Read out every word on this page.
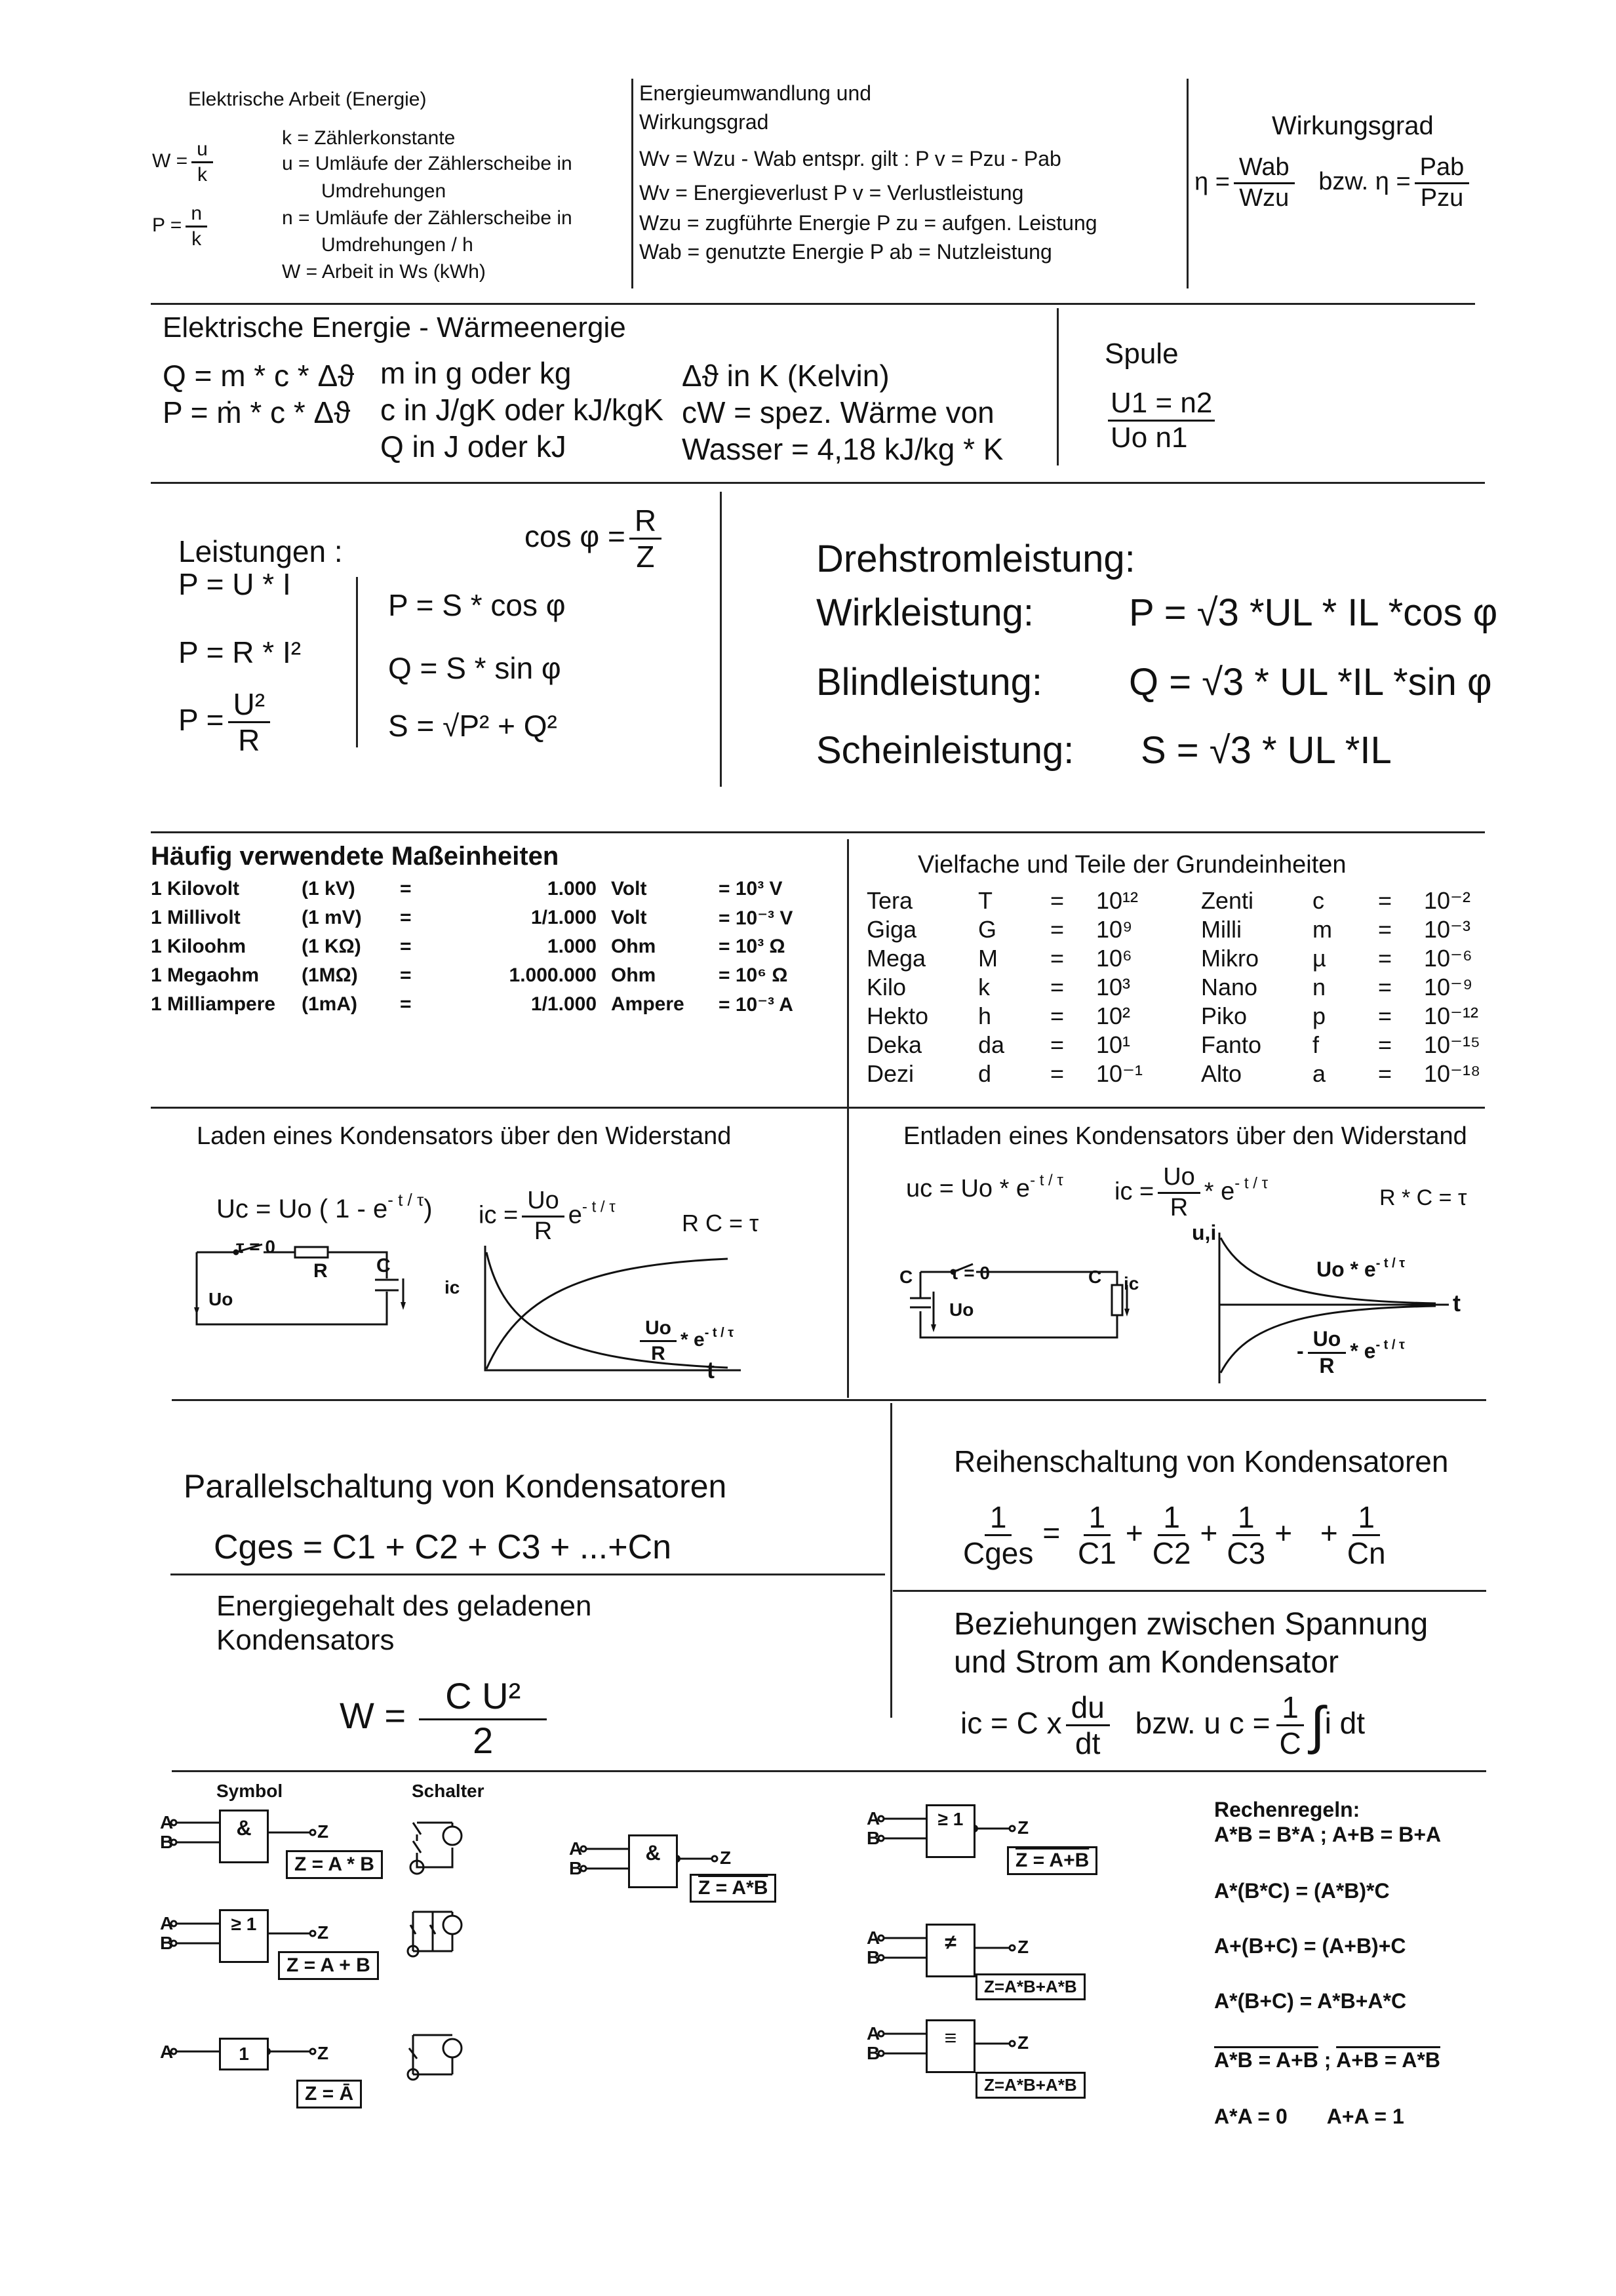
Elektrische Arbeit (Energie)
k = Zählerkonstante
u = Umläufe der Zählerscheibe in
Umdrehungen
n = Umläufe der Zählerscheibe in
Umdrehungen / h
W = Arbeit in Ws (kWh)
$W = \frac{u}{k}$
$P = \frac{n}{k}$
Energieumwandlung und
Wirkungsgrad
Wv = Wzu - Wab entspr. gilt : P v = Pzu - Pab
Wv = Energieverlust P v = Verlustleistung
Wzu = zugführte Energie P zu = aufgen. Leistung
Wab = genutzte Energie P ab = Nutzleistung
Wirkungsgrad
$\eta = \frac{\text{Wab}}{\text{Wzu}}$ bzw. $\eta = \frac{\text{Pab}}{\text{Pzu}}$
Elektrische Energie - Wärmeenergie
Q = m * c * Δϑ
P = ṁ * c * Δϑ
m in g oder kg
c in J/gK oder kJ/kgK
Q in J oder kJ
Δϑ in K (Kelvin)
cW = spez. Wärme von
Wasser = 4,18 kJ/kg * K
Spule
U1 = n2
Uo n1
Leistungen :
P = U * I
P = R * I²
$P = \frac{\text{U²}}{R}$
P = S * cos φ
Q = S * sin φ
S = √P² + Q²
$\cos \varphi = \frac{R}{Z}$	Drehstromleistung:
Wirkleistung:
Blindleistung:
Scheinleistung:
P = √3 *UL * IL *cos φ
Q = √3 * UL *IL *sin φ
S = √3 * UL *IL
Häufig verwendete Maßeinheiten
1 Kilovolt	(1 kV)	=	1.000	Volt	= 10³ V
1 Millivolt	(1 mV)	=	1/1.000	Volt	= 10⁻³ V
1 Kiloohm	(1 KΩ)	=	1.000	Ohm	= 10³ Ω
1 Megaohm	(1MΩ)	=	1.000.000	Ohm	= 10⁶ Ω
1 Milliampere	(1mA)	=	1/1.000	Ampere	= 10⁻³ A
Vielfache und Teile der Grundeinheiten
Tera	T	=	10¹²	Zenti	c	=	10⁻²
Giga	G	=	10⁹	Milli	m	=	10⁻³
Mega	M	=	10⁶	Mikro	µ	=	10⁻⁶
Kilo	k	=	10³	Nano	n	=	10⁻⁹
Hekto	h	=	10²	Piko	p	=	10⁻¹²
Deka	da	=	10¹	Fanto	f	=	10⁻¹⁵
Dezi	d	=	10⁻¹	Alto	a	=	10⁻¹⁸
Laden eines Kondensators über den Widerstand
Uc = Uo ( $1 - e^{- t / \tau}$) ic = $\frac{Uo}{R} e^{- t / \tau}$
R C = τ
τ = 0
R C
Uo
ic
$\frac{Uo}{R} * e^{- t / \tau}$
t
Entladen eines Kondensators über den Widerstand
uc = Uo * $e^{- t / \tau}$ ic = $\frac{Uo}{R} * e^{- t / \tau}$
R * C = τ
C τ = 0	C
Uo
ic
u,i
Uo * $e^{- t / \tau}$
t
- $\frac{Uo}{R} * e^{- t / \tau}$
Parallelschaltung von Kondensatoren
Cges = C1 + C2 + C3 + ...+Cn
Reihenschaltung von Kondensatoren
$\frac{1}{\text{Cges}} = \frac{1}{C1} + \frac{1}{C2} + \frac{1}{C3}$ + + $\frac{1}{Cn}$
Energiegehalt des geladenen
Kondensators
$W = \frac{\text{C U²}}{2}$
Beziehungen zwischen Spannung
und Strom am Kondensator
ic = C x $\frac{du}{dt}$ bzw. u $c = \frac{1}{C} \int i$ dt
Symbol	Schalter
&
A
B
Z
Z = A * B
≥ 1
A
B
Z
Z = A + B
1
A	Z
Z = Ā
&
A
B
Z
Z = A*B
≥ 1
A
B
Z
Z = A+B
≠
A
B
Z
Z=A*B+A*B
≡
A
B
Z
Z=A*B+A*B
Rechenregeln:
A*B = B*A ; A+B = B+A
A*(B*C) = (A*B)*C
A+(B+C) = (A+B)+C
A*(B+C) = A*B+A*C
A*B = A+B ; A+B = A*B
A*A = 0 A+A = 1
